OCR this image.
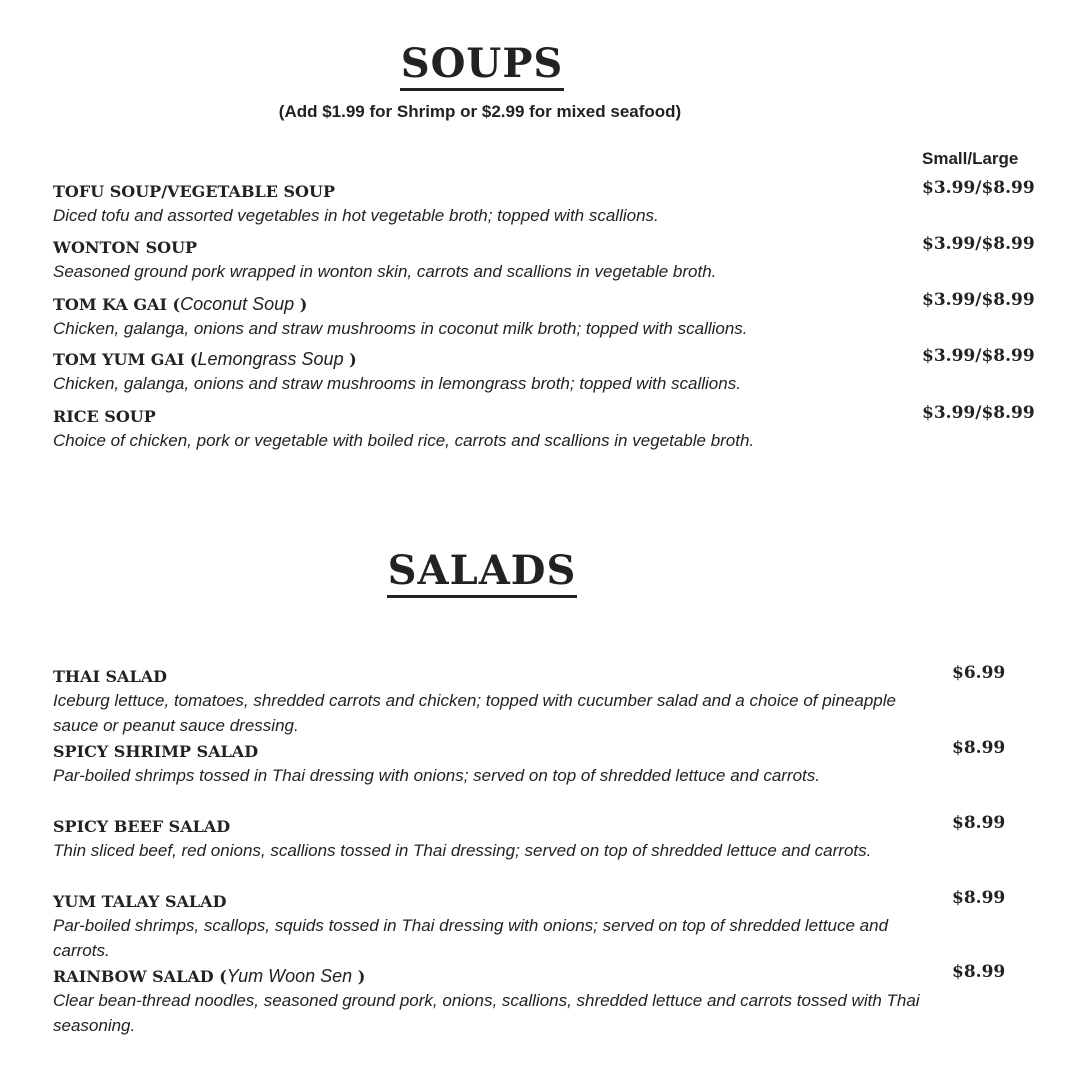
SOUPS
(Add $1.99 for Shrimp or $2.99 for mixed seafood)
Small/Large
TOFU SOUP/VEGETABLE SOUP
Diced tofu and assorted vegetables in hot vegetable broth; topped with scallions.
$3.99/$8.99
WONTON SOUP
Seasoned ground pork wrapped in wonton skin, carrots and scallions in vegetable broth.
$3.99/$8.99
TOM KA GAI (Coconut Soup )
Chicken, galanga, onions and straw mushrooms in coconut milk broth; topped with scallions.
$3.99/$8.99
TOM YUM GAI (Lemongrass Soup )
Chicken, galanga, onions and straw mushrooms in lemongrass broth; topped with scallions.
$3.99/$8.99
RICE SOUP
Choice of chicken, pork or vegetable with boiled rice, carrots and scallions in vegetable broth.
$3.99/$8.99
SALADS
THAI SALAD
Iceburg lettuce, tomatoes, shredded carrots and chicken; topped with cucumber salad and a choice of pineapple sauce or peanut sauce dressing.
$6.99
SPICY SHRIMP SALAD
Par-boiled shrimps tossed in Thai dressing with onions; served on top of shredded lettuce and carrots.
$8.99
SPICY BEEF SALAD
Thin sliced beef, red onions, scallions tossed in Thai dressing; served on top of shredded lettuce and carrots.
$8.99
YUM TALAY SALAD
Par-boiled shrimps, scallops, squids tossed in Thai dressing with onions; served on top of shredded lettuce and carrots.
$8.99
RAINBOW SALAD (Yum Woon Sen )
Clear bean-thread noodles, seasoned ground pork, onions, scallions, shredded lettuce and carrots tossed with Thai seasoning.
$8.99
